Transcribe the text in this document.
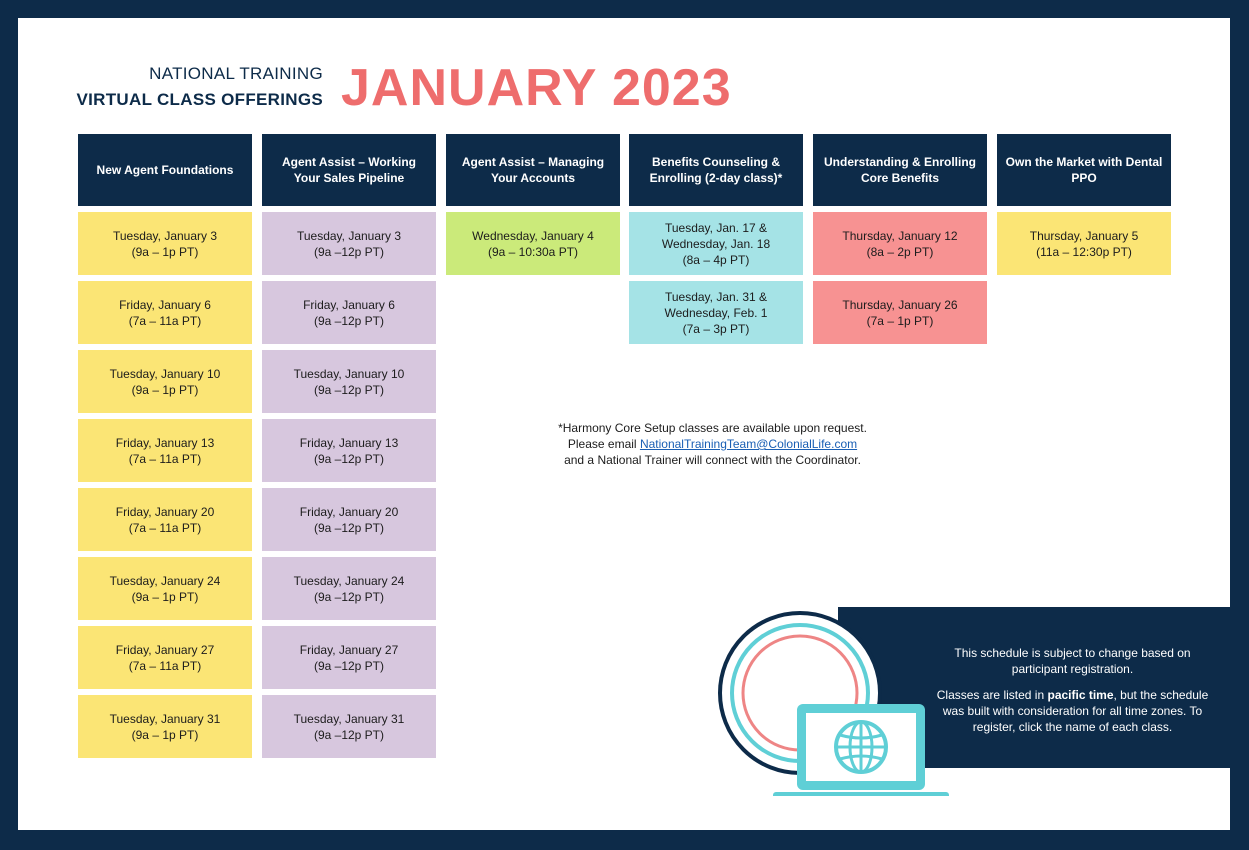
NATIONAL TRAINING
VIRTUAL CLASS OFFERINGS JANUARY 2023
New Agent Foundations
Tuesday, January 3
(9a – 1p PT)
Friday, January 6
(7a – 11a PT)
Tuesday, January 10
(9a – 1p PT)
Friday, January 13
(7a – 11a PT)
Friday, January 20
(7a – 11a PT)
Tuesday, January 24
(9a – 1p PT)
Friday, January 27
(7a – 11a PT)
Tuesday, January 31
(9a – 1p PT)
Agent Assist – Working Your Sales Pipeline
Tuesday, January 3
(9a –12p PT)
Friday, January 6
(9a –12p PT)
Tuesday, January 10
(9a –12p PT)
Friday, January 13
(9a –12p PT)
Friday, January 20
(9a –12p PT)
Tuesday, January 24
(9a –12p PT)
Friday, January 27
(9a –12p PT)
Tuesday, January 31
(9a –12p PT)
Agent Assist – Managing Your Accounts
Wednesday, January 4
(9a – 10:30a PT)
Benefits Counseling & Enrolling (2-day class)*
Tuesday, Jan. 17 &
Wednesday, Jan. 18
(8a – 4p PT)
Tuesday, Jan. 31 &
Wednesday, Feb. 1
(7a – 3p PT)
Understanding & Enrolling Core Benefits
Thursday, January 12
(8a – 2p PT)
Thursday, January 26
(7a – 1p PT)
Own the Market with Dental PPO
Thursday, January 5
(11a – 12:30p PT)
*Harmony Core Setup classes are available upon request.
Please email NationalTrainingTeam@ColonialLife.com
and a National Trainer will connect with the Coordinator.

This schedule is subject to change based on participant registration.

Classes are listed in pacific time, but the schedule was built with consideration for all time zones. To register, click the name of each class.
